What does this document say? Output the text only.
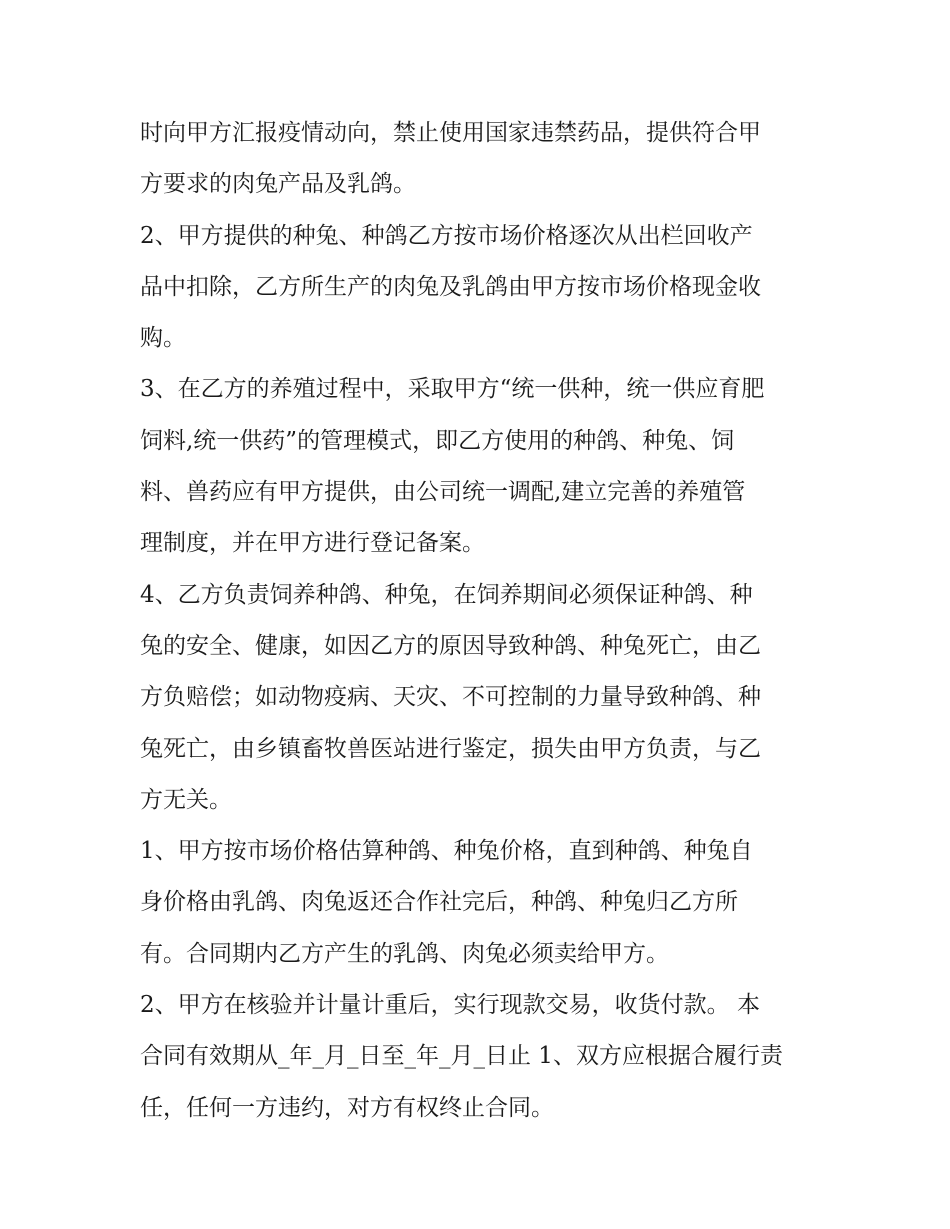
时向甲方汇报疫情动向，禁止使用国家违禁药品，提供符合甲
方要求的肉兔产品及乳鸽。
2、甲方提供的种兔、种鸽乙方按市场价格逐次从出栏回收产
品中扣除，乙方所生产的肉兔及乳鸽由甲方按市场价格现金收
购。
3、在乙方的养殖过程中，采取甲方“统一供种，统一供应育肥
饲料,统一供药”的管理模式，即乙方使用的种鸽、种兔、饲
料、兽药应有甲方提供，由公司统一调配,建立完善的养殖管
理制度，并在甲方进行登记备案。
4、乙方负责饲养种鸽、种兔，在饲养期间必须保证种鸽、种
兔的安全、健康，如因乙方的原因导致种鸽、种兔死亡，由乙
方负赔偿；如动物疫病、天灾、不可控制的力量导致种鸽、种
兔死亡，由乡镇畜牧兽医站进行鉴定，损失由甲方负责，与乙
方无关。
1、甲方按市场价格估算种鸽、种兔价格，直到种鸽、种兔自
身价格由乳鸽、肉兔返还合作社完后，种鸽、种兔归乙方所
有。合同期内乙方产生的乳鸽、肉兔必须卖给甲方。
2、甲方在核验并计量计重后，实行现款交易，收货付款。 本
合同有效期从_年_月_日至_年_月_日止 1、双方应根据合履行责
任，任何一方违约，对方有权终止合同。
